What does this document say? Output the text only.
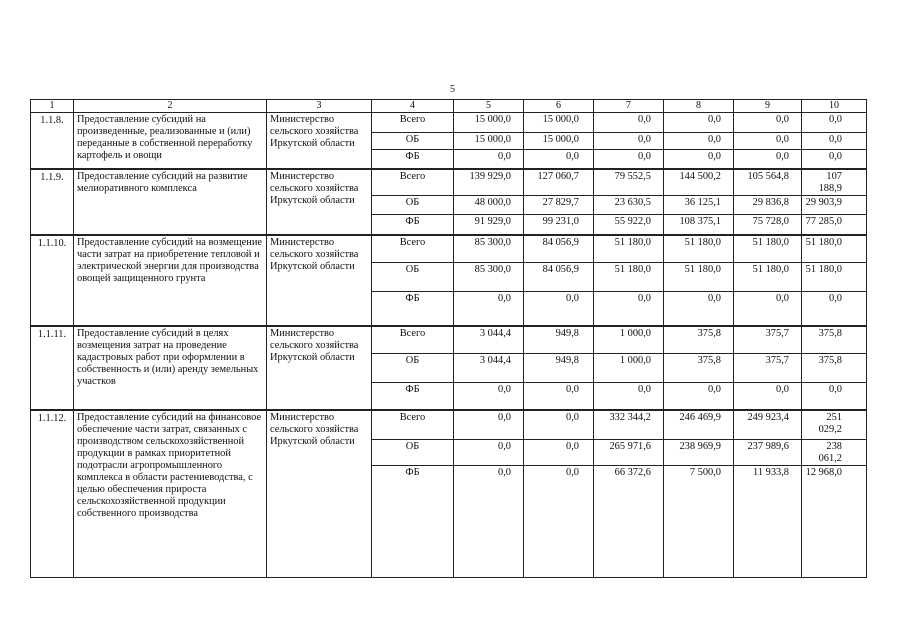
5
1	2	3	4	5	6	7	8	9	10
1.1.8.	Предоставление субсидий на произведенные, реализованные и (или) переданные в собственной переработку картофель и овощи	Министерство сельского хозяйства Иркутской области	Всего	15 000,0	15 000,0	0,0	0,0	0,0	0,0
			ОБ	15 000,0	15 000,0	0,0	0,0	0,0	0,0
			ФБ	0,0	0,0	0,0	0,0	0,0	0,0

1.1.9.	Предоставление субсидий на развитие мелиоративного комплекса	Министерство сельского хозяйства Иркутской области	Всего	139 929,0	127 060,7	79 552,5	144 500,2	105 564,8	107 188,9
			ОБ	48 000,0	27 829,7	23 630,5	36 125,1	29 836,8	29 903,9
			ФБ	91 929,0	99 231,0	55 922,0	108 375,1	75 728,0	77 285,0

1.1.10.	Предоставление субсидий на возмещение части затрат на приобретение тепловой и электрической энергии для производства овощей защищенного грунта	Министерство сельского хозяйства Иркутской области	Всего	85 300,0	84 056,9	51 180,0	51 180,0	51 180,0	51 180,0
			ОБ	85 300,0	84 056,9	51 180,0	51 180,0	51 180,0	51 180,0
			ФБ	0,0	0,0	0,0	0,0	0,0	0,0

1.1.11.	Предоставление субсидий в целях возмещения затрат на проведение кадастровых работ при оформлении в собственность и (или) аренду земельных участков	Министерство сельского хозяйства Иркутской области	Всего	3 044,4	949,8	1 000,0	375,8	375,7	375,8
			ОБ	3 044,4	949,8	1 000,0	375,8	375,7	375,8
			ФБ	0,0	0,0	0,0	0,0	0,0	0,0

1.1.12.	Предоставление субсидий на финансовое обеспечение части затрат, связанных с производством сельскохозяйственной продукции в рамках приоритетной подотрасли агропромышленного комплекса в области растениеводства, с целью обеспечения прироста сельскохозяйственной продукции собственного производства	Министерство сельского хозяйства Иркутской области	Всего	0,0	0,0	332 344,2	246 469,9	249 923,4	251 029,2
			ОБ	0,0	0,0	265 971,6	238 969,9	237 989,6	238 061,2
			ФБ	0,0	0,0	66 372,6	7 500,0	11 933,8	12 968,0
